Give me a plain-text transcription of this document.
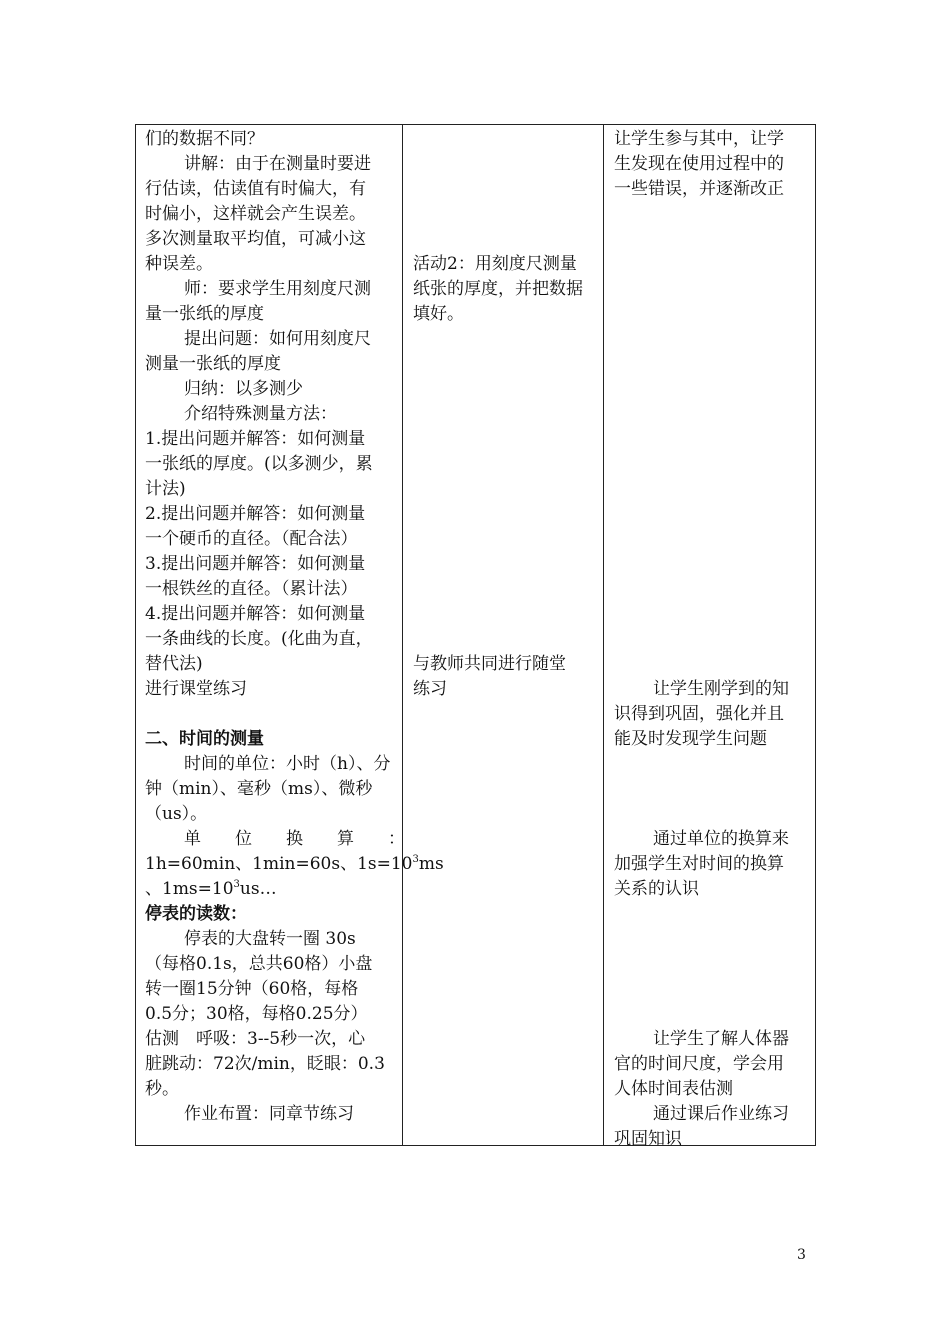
们的数据不同？
讲解：由于在测量时要进
行估读，估读值有时偏大，有
时偏小，这样就会产生误差。
多次测量取平均值，可减小这
种误差。
师：要求学生用刻度尺测
量一张纸的厚度
提出问题：如何用刻度尺
测量一张纸的厚度
归纳：以多测少
介绍特殊测量方法：
1.提出问题并解答：如何测量
一张纸的厚度。(以多测少，累
计法)
2.提出问题并解答：如何测量
一个硬币的直径。（配合法）
3.提出问题并解答：如何测量
一根铁丝的直径。（累计法）
4.提出问题并解答：如何测量
一条曲线的长度。(化曲为直，
替代法)
进行课堂练习
二、时间的测量
时间的单位：小时（h）、分
钟（min）、毫秒（ms）、微秒
（us）。
单　　位　　换　　算　　：
1h=60min、1min=60s、$1s=10^3ms$
、$1ms=10^3us\dots$
停表的读数：
停表的大盘转一圈 30s
（每格0.1s，总共60格）小盘
转一圈15分钟（60格，每格
0.5分；30格，每格0.25分）
估测　呼吸：3--5秒一次，心
脏跳动：72次/min，眨眼：0.3
秒。
作业布置：同章节练习
活动2：用刻度尺测量
纸张的厚度，并把数据
填好。
与教师共同进行随堂
练习
让学生参与其中，让学
生发现在使用过程中的
一些错误，并逐渐改正
让学生刚学到的知
识得到巩固，强化并且
能及时发现学生问题
通过单位的换算来
加强学生对时间的换算
关系的认识
让学生了解人体器
官的时间尺度，学会用
人体时间表估测
通过课后作业练习
巩固知识
3
